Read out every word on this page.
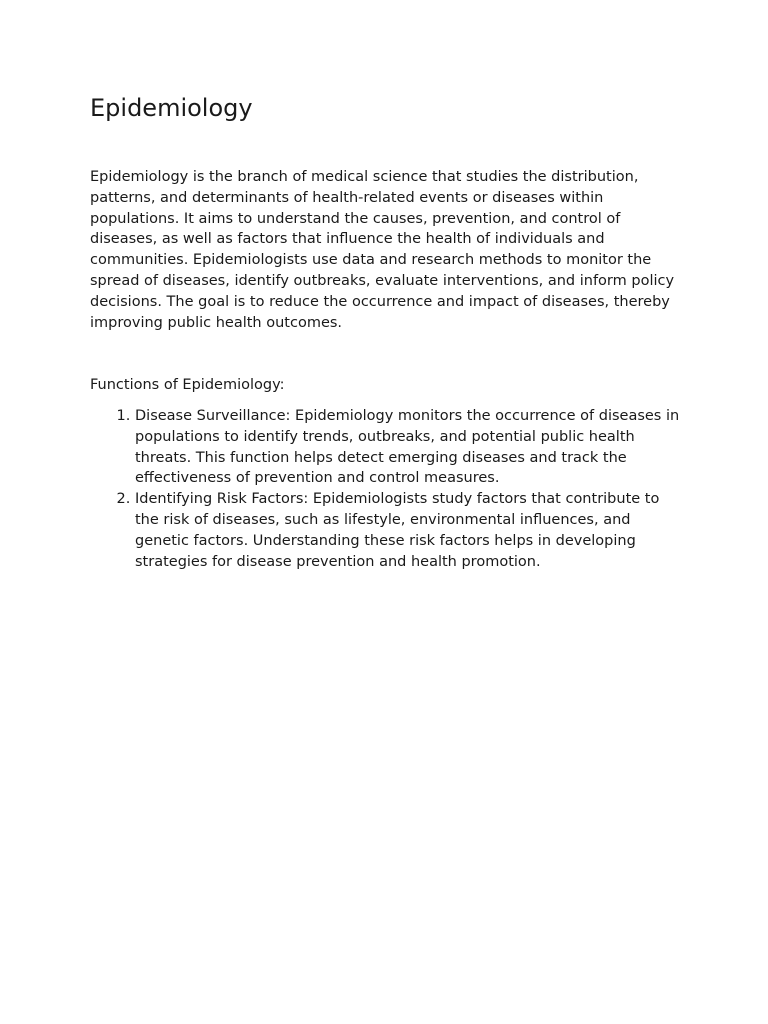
Epidemiology

Epidemiology is the branch of medical science that studies the distribution, patterns, and determinants of health-related events or diseases within populations. It aims to understand the causes, prevention, and control of diseases, as well as factors that influence the health of individuals and communities. Epidemiologists use data and research methods to monitor the spread of diseases, identify outbreaks, evaluate interventions, and inform policy decisions. The goal is to reduce the occurrence and impact of diseases, thereby improving public health outcomes.

Functions of Epidemiology:

1. Disease Surveillance: Epidemiology monitors the occurrence of diseases in populations to identify trends, outbreaks, and potential public health threats. This function helps detect emerging diseases and track the effectiveness of prevention and control measures.
2. Identifying Risk Factors: Epidemiologists study factors that contribute to the risk of diseases, such as lifestyle, environmental influences, and genetic factors. Understanding these risk factors helps in developing strategies for disease prevention and health promotion.
